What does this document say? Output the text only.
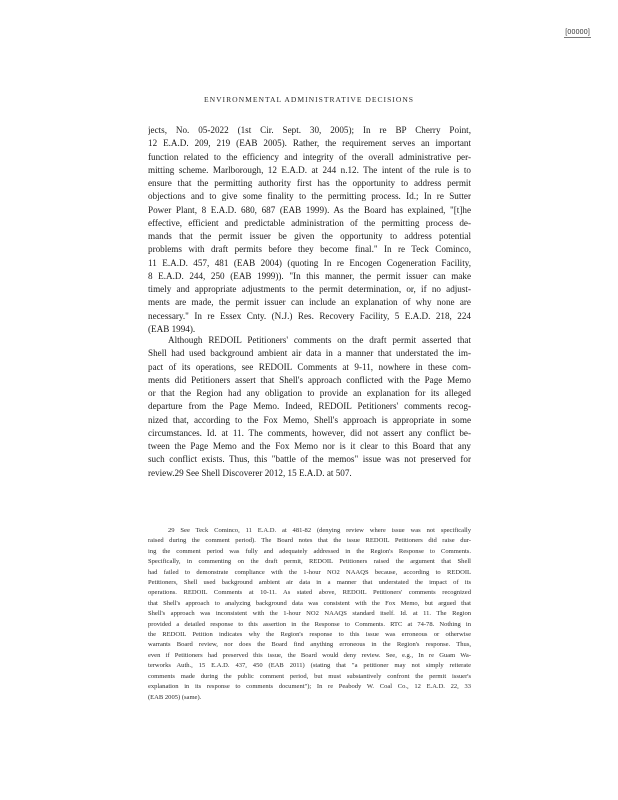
[00000]
ENVIRONMENTAL ADMINISTRATIVE DECISIONS
jects, No. 05-2022 (1st Cir. Sept. 30, 2005); In re BP Cherry Point,
12 E.A.D. 209, 219 (EAB 2005). Rather, the requirement serves an important
function related to the efficiency and integrity of the overall administrative per-
mitting scheme. Marlborough, 12 E.A.D. at 244 n.12. The intent of the rule is to
ensure that the permitting authority first has the opportunity to address permit
objections and to give some finality to the permitting process. Id.; In re Sutter
Power Plant, 8 E.A.D. 680, 687 (EAB 1999). As the Board has explained, "[t]he
effective, efficient and predictable administration of the permitting process de-
mands that the permit issuer be given the opportunity to address potential
problems with draft permits before they become final." In re Teck Cominco,
11 E.A.D. 457, 481 (EAB 2004) (quoting In re Encogen Cogeneration Facility,
8 E.A.D. 244, 250 (EAB 1999)). "In this manner, the permit issuer can make
timely and appropriate adjustments to the permit determination, or, if no adjust-
ments are made, the permit issuer can include an explanation of why none are
necessary." In re Essex Cnty. (N.J.) Res. Recovery Facility, 5 E.A.D. 218, 224
(EAB 1994).
Although REDOIL Petitioners' comments on the draft permit asserted that
Shell had used background ambient air data in a manner that understated the im-
pact of its operations, see REDOIL Comments at 9-11, nowhere in these com-
ments did Petitioners assert that Shell's approach conflicted with the Page Memo
or that the Region had any obligation to provide an explanation for its alleged
departure from the Page Memo. Indeed, REDOIL Petitioners' comments recog-
nized that, according to the Fox Memo, Shell's approach is appropriate in some
circumstances. Id. at 11. The comments, however, did not assert any conflict be-
tween the Page Memo and the Fox Memo nor is it clear to this Board that any
such conflict exists. Thus, this "battle of the memos" issue was not preserved for
review.29 See Shell Discoverer 2012, 15 E.A.D. at 507.
29 See Teck Cominco, 11 E.A.D. at 481-82 (denying review where issue was not specifically
raised during the comment period). The Board notes that the issue REDOIL Petitioners did raise dur-
ing the comment period was fully and adequately addressed in the Region's Response to Comments.
Specifically, in commenting on the draft permit, REDOIL Petitioners raised the argument that Shell
had failed to demonstrate compliance with the 1-hour NO2 NAAQS because, according to REDOIL
Petitioners, Shell used background ambient air data in a manner that understated the impact of its
operations. REDOIL Comments at 10-11. As stated above, REDOIL Petitioners' comments recognized
that Shell's approach to analyzing background data was consistent with the Fox Memo, but argued that
Shell's approach was inconsistent with the 1-hour NO2 NAAQS standard itself. Id. at 11. The Region
provided a detailed response to this assertion in the Response to Comments. RTC at 74-78. Nothing in
the REDOIL Petition indicates why the Region's response to this issue was erroneous or otherwise
warrants Board review, nor does the Board find anything erroneous in the Region's response. Thus,
even if Petitioners had preserved this issue, the Board would deny review. See, e.g., In re Guam Wa-
terworks Auth., 15 E.A.D. 437, 450 (EAB 2011) (stating that "a petitioner may not simply reiterate
comments made during the public comment period, but must substantively confront the permit issuer's
explanation in its response to comments document"); In re Peabody W. Coal Co., 12 E.A.D. 22, 33
(EAB 2005) (same).
